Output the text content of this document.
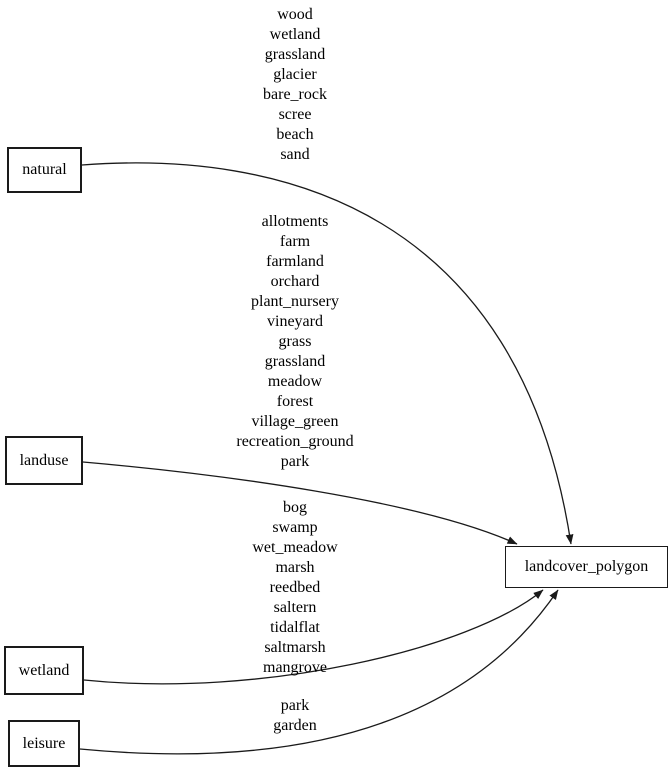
wood
wetland
grassland
glacier
bare_rock
scree
beach
sand
allotments
farm
farmland
orchard
plant_nursery
vineyard
grass
grassland
meadow
forest
village_green
recreation_ground
park
bog
swamp
wet_meadow
marsh
reedbed
saltern
tidalflat
saltmarsh
mangrove
park
garden
natural
landuse
wetland
leisure
landcover_polygon
